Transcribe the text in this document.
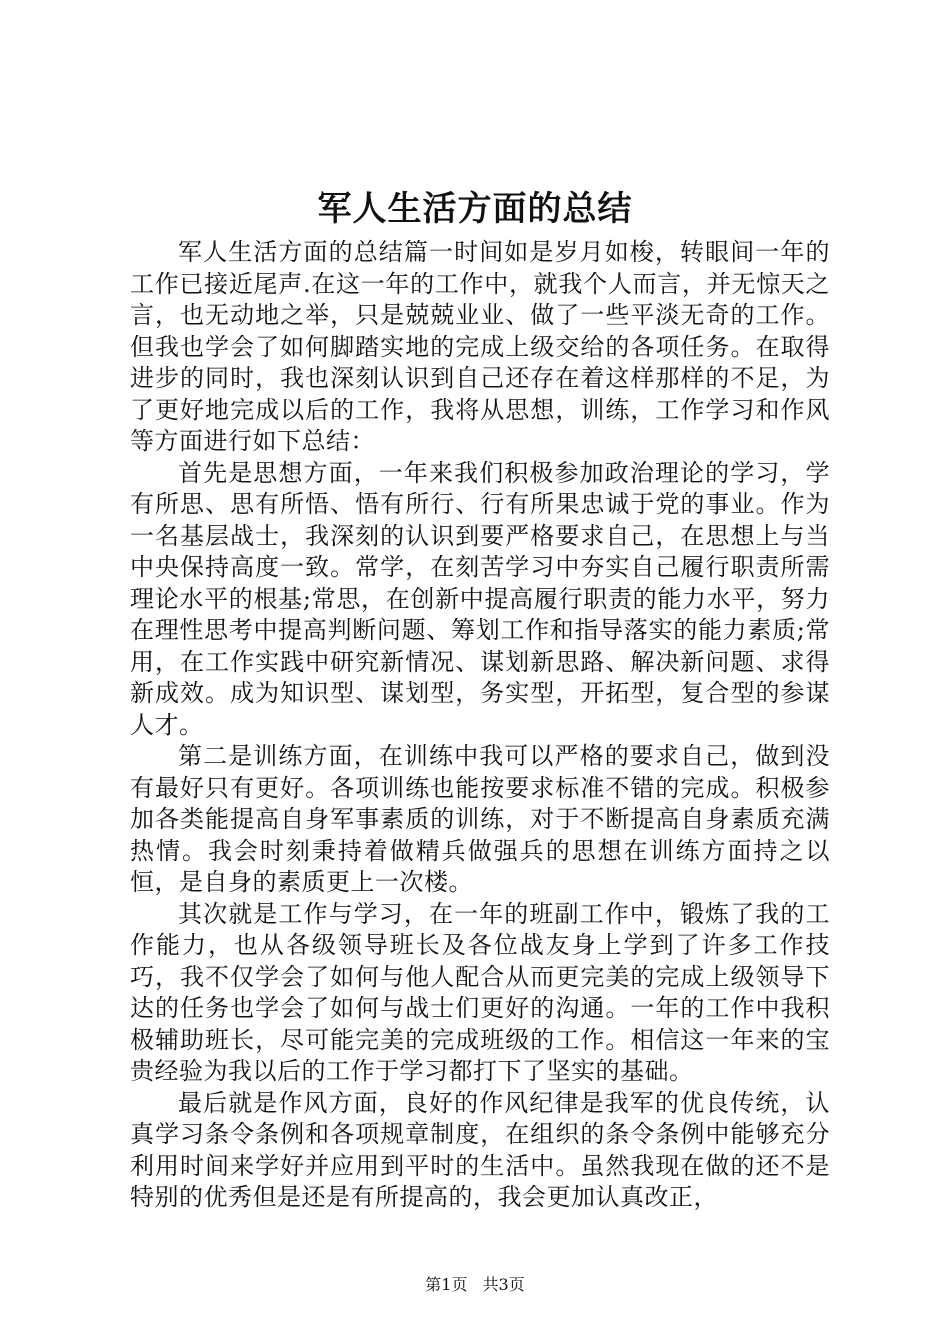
军人生活方面的总结

军人生活方面的总结篇一时间如是岁月如梭，转眼间一年的工作已接近尾声.在这一年的工作中，就我个人而言，并无惊天之言，也无动地之举，只是兢兢业业、做了一些平淡无奇的工作。但我也学会了如何脚踏实地的完成上级交给的各项任务。在取得进步的同时，我也深刻认识到自己还存在着这样那样的不足，为了更好地完成以后的工作，我将从思想，训练，工作学习和作风等方面进行如下总结：

首先是思想方面，一年来我们积极参加政治理论的学习，学有所思、思有所悟、悟有所行、行有所果忠诚于党的事业。作为一名基层战士，我深刻的认识到要严格要求自己，在思想上与当中央保持高度一致。常学，在刻苦学习中夯实自己履行职责所需理论水平的根基;常思，在创新中提高履行职责的能力水平，努力在理性思考中提高判断问题、筹划工作和指导落实的能力素质;常用，在工作实践中研究新情况、谋划新思路、解决新问题、求得新成效。成为知识型、谋划型，务实型，开拓型，复合型的参谋人才。

第二是训练方面，在训练中我可以严格的要求自己，做到没有最好只有更好。各项训练也能按要求标准不错的完成。积极参加各类能提高自身军事素质的训练，对于不断提高自身素质充满热情。我会时刻秉持着做精兵做强兵的思想在训练方面持之以恒，是自身的素质更上一次楼。

其次就是工作与学习，在一年的班副工作中，锻炼了我的工作能力，也从各级领导班长及各位战友身上学到了许多工作技巧，我不仅学会了如何与他人配合从而更完美的完成上级领导下达的任务也学会了如何与战士们更好的沟通。一年的工作中我积极辅助班长，尽可能完美的完成班级的工作。相信这一年来的宝贵经验为我以后的工作于学习都打下了坚实的基础。

最后就是作风方面，良好的作风纪律是我军的优良传统，认真学习条令条例和各项规章制度，在组织的条令条例中能够充分利用时间来学好并应用到平时的生活中。虽然我现在做的还不是特别的优秀但是还是有所提高的，我会更加认真改正，

第1页 共3页
